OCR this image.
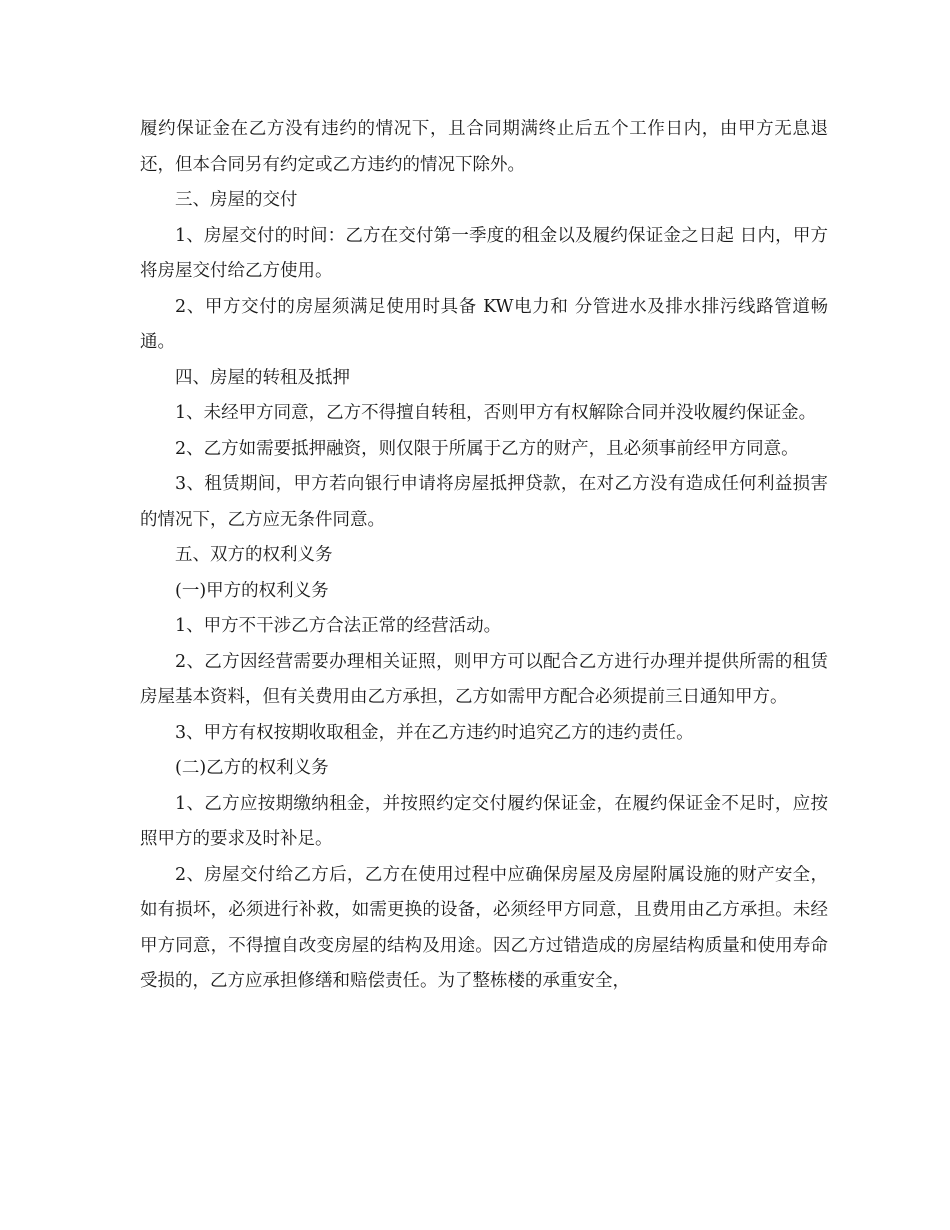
履约保证金在乙方没有违约的情况下，且合同期满终止后五个工作日内，由甲方无息退还，但本合同另有约定或乙方违约的情况下除外。

三、房屋的交付

1、房屋交付的时间：乙方在交付第一季度的租金以及履约保证金之日起 日内，甲方将房屋交付给乙方使用。

2、甲方交付的房屋须满足使用时具备 KW电力和 分管进水及排水排污线路管道畅通。

四、房屋的转租及抵押

1、未经甲方同意，乙方不得擅自转租，否则甲方有权解除合同并没收履约保证金。

2、乙方如需要抵押融资，则仅限于所属于乙方的财产，且必须事前经甲方同意。

3、租赁期间，甲方若向银行申请将房屋抵押贷款，在对乙方没有造成任何利益损害的情况下，乙方应无条件同意。

五、双方的权利义务

(一)甲方的权利义务

1、甲方不干涉乙方合法正常的经营活动。

2、乙方因经营需要办理相关证照，则甲方可以配合乙方进行办理并提供所需的租赁房屋基本资料，但有关费用由乙方承担，乙方如需甲方配合必须提前三日通知甲方。

3、甲方有权按期收取租金，并在乙方违约时追究乙方的违约责任。

(二)乙方的权利义务

1、乙方应按期缴纳租金，并按照约定交付履约保证金，在履约保证金不足时，应按照甲方的要求及时补足。

2、房屋交付给乙方后，乙方在使用过程中应确保房屋及房屋附属设施的财产安全，如有损坏，必须进行补救，如需更换的设备，必须经甲方同意，且费用由乙方承担。未经甲方同意，不得擅自改变房屋的结构及用途。因乙方过错造成的房屋结构质量和使用寿命受损的，乙方应承担修缮和赔偿责任。为了整栋楼的承重安全，
